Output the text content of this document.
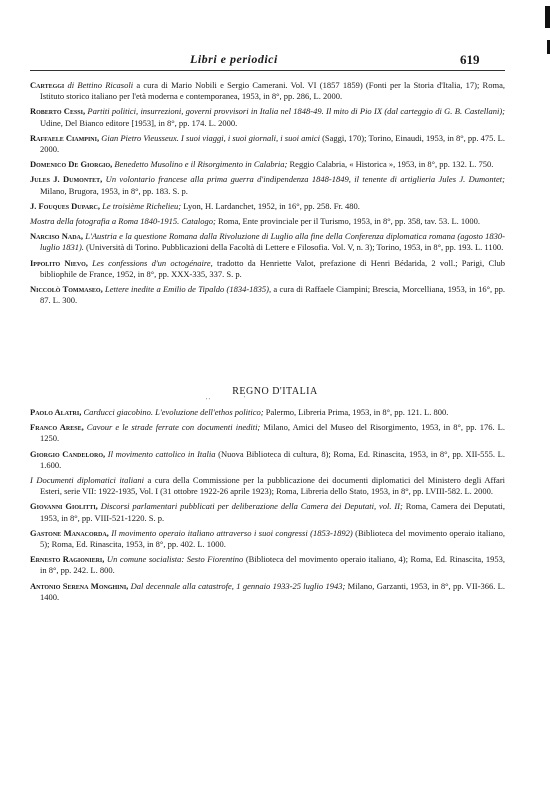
Libri e periodici	619

Carteggi di Bettino Ricasoli a cura di Mario Nobili e Sergio Camerani. Vol. VI (1857 1859) (Fonti per la Storia d'Italia, 17); Roma, Istituto storico italiano per l'età moderna e contemporanea, 1953, in 8°, pp. 286, L. 2000.

Roberto Cessi, Partiti politici, insurrezioni, governi provvisori in Italia nel 1848-49. Il mito di Pio IX (dal carteggio di G. B. Castellani); Udine, Del Bianco editore [1953], in 8°, pp. 174. L. 2000.

Raffaele Ciampini, Gian Pietro Vieusseux. I suoi viaggi, i suoi giornali, i suoi amici (Saggi, 170); Torino, Einaudi, 1953, in 8°, pp. 475. L. 2000.

Domenico De Giorgio, Benedetto Musolino e il Risorgimento in Calabria; Reggio Calabria, « Historica », 1953, in 8°, pp. 132. L. 750.

Jules J. Dumontet, Un volontario francese alla prima guerra d'indipendenza 1848-1849, il tenente di artiglieria Jules J. Dumontet; Milano, Brugora, 1953, in 8°, pp. 183. S. p.

J. Fouques Duparc, Le troisième Richelieu; Lyon, H. Lardanchet, 1952, in 16°, pp. 258. Fr. 480.

Mostra della fotografia a Roma 1840-1915. Catalogo; Roma, Ente provinciale per il Turismo, 1953, in 8°, pp. 358, tav. 53. L. 1000.

Narciso Nada, L'Austria e la questione Romana dalla Rivoluzione di Luglio alla fine della Conferenza diplomatica romana (agosto 1830-luglio 1831). (Università di Torino. Pubblicazioni della Facoltà di Lettere e Filosofia. Vol. V, n. 3); Torino, 1953, in 8°, pp. 193. L. 1100.

Ippolito Nievo, Les confessions d'un octogénaire, tradotto da Henriette Valot, prefazione di Henri Bédarida, 2 voll.; Parigi, Club bibliophile de France, 1952, in 8°, pp. XXX-335, 337. S. p.

Niccolò Tommaseo, Lettere inedite a Emilio de Tipaldo (1834-1835), a cura di Raffaele Ciampini; Brescia, Morcelliana, 1953, in 16°, pp. 87. L. 300.

REGNO D'ITALIA
' '	'

Paolo Alatri, Carducci giacobino. L'evoluzione dell'ethos politico; Palermo, Libreria Prima, 1953, in 8°, pp. 121. L. 800.

Franco Arese, Cavour e le strade ferrate con documenti inediti; Milano, Amici del Museo del Risorgimento, 1953, in 8°, pp. 176. L. 1250.

Giorgio Candeloro, Il movimento cattolico in Italia (Nuova Biblioteca di cultura, 8); Roma, Ed. Rinascita, 1953, in 8°, pp. XII-555. L. 1.600.

I Documenti diplomatici italiani a cura della Commissione per la pubblicazione dei documenti diplomatici del Ministero degli Affari Esteri, serie VII: 1922-1935, Vol. I (31 ottobre 1922-26 aprile 1923); Roma, Libreria dello Stato, 1953, in 8°, pp. LVIII-582. L. 2000.

Giovanni Giolitti, Discorsi parlamentari pubblicati per deliberazione della Camera dei Deputati, vol. II; Roma, Camera dei Deputati, 1953, in 8°, pp. VIII-521-1220. S. p.

Gastone Manacorda, Il movimento operaio italiano attraverso i suoi congressi (1853-1892) (Biblioteca del movimento operaio italiano, 5); Roma, Ed. Rinascita, 1953, in 8°, pp. 402. L. 1000.

Ernesto Ragionieri, Un comune socialista: Sesto Fiorentino (Biblioteca del movimento operaio italiano, 4); Roma, Ed. Rinascita, 1953, in 8°, pp. 242. L. 800.

Antonio Serena Monghini, Dal decennale alla catastrofe, 1 gennaio 1933-25 luglio 1943; Milano, Garzanti, 1953, in 8°, pp. VII-366. L. 1400.
